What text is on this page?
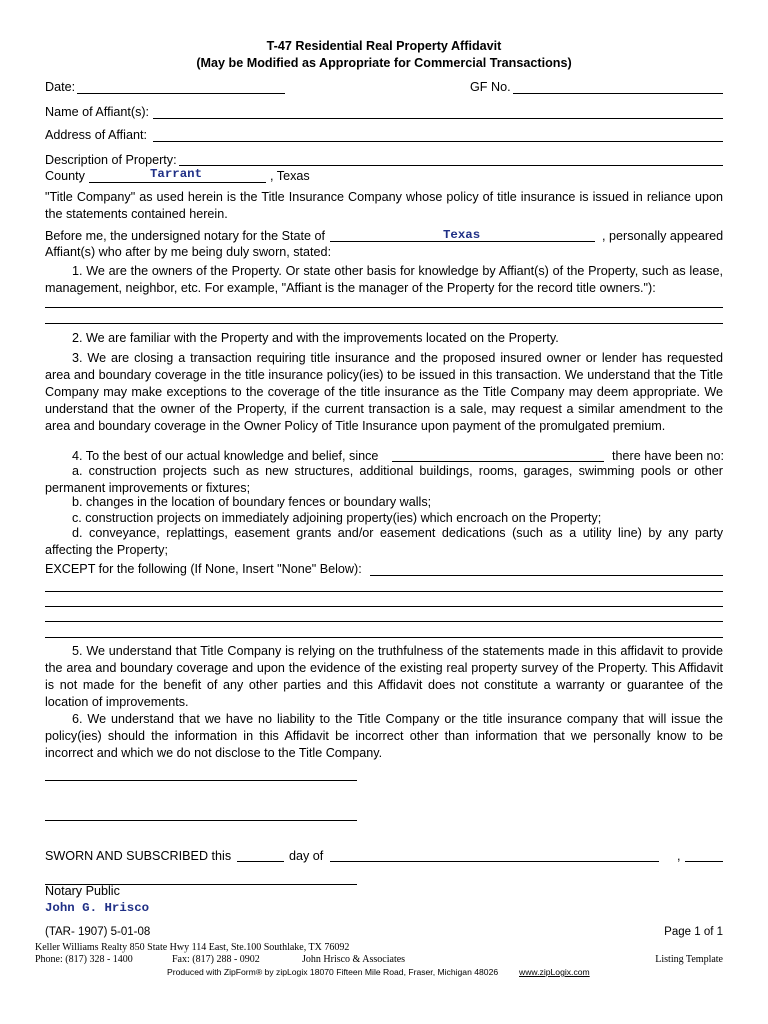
T-47 Residential Real Property Affidavit
(May be Modified as Appropriate for Commercial Transactions)
Date:	GF No.
Name of Affiant(s):
Address of Affiant:
Description of Property:
County	Tarrant	, Texas
"Title Company" as used herein is the Title Insurance Company whose policy of title insurance is issued in reliance upon the statements contained herein.
Before me, the undersigned notary for the State of	Texas	, personally appeared
Affiant(s) who after by me being duly sworn, stated:
1. We are the owners of the Property. Or state other basis for knowledge by Affiant(s) of the Property, such as lease, management, neighbor, etc. For example, "Affiant is the manager of the Property for the record title owners."):
2. We are familiar with the Property and with the improvements located on the Property.
3. We are closing a transaction requiring title insurance and the proposed insured owner or lender has requested area and boundary coverage in the title insurance policy(ies) to be issued in this transaction. We understand that the Title Company may make exceptions to the coverage of the title insurance as the Title Company may deem appropriate. We understand that the owner of the Property, if the current transaction is a sale, may request a similar amendment to the area and boundary coverage in the Owner Policy of Title Insurance upon payment of the promulgated premium.
4. To the best of our actual knowledge and belief, since	there have been no:
a. construction projects such as new structures, additional buildings, rooms, garages, swimming pools or other permanent improvements or fixtures;
b. changes in the location of boundary fences or boundary walls;
c. construction projects on immediately adjoining property(ies) which encroach on the Property;
d. conveyance, replattings, easement grants and/or easement dedications (such as a utility line) by any party affecting the Property;
EXCEPT for the following (If None, Insert "None" Below):
5. We understand that Title Company is relying on the truthfulness of the statements made in this affidavit to provide the area and boundary coverage and upon the evidence of the existing real property survey of the Property. This Affidavit is not made for the benefit of any other parties and this Affidavit does not constitute a warranty or guarantee of the location of improvements.
6. We understand that we have no liability to the Title Company or the title insurance company that will issue the policy(ies) should the information in this Affidavit be incorrect other than information that we personally know to be incorrect and which we do not disclose to the Title Company.
SWORN AND SUBSCRIBED this	day of	,
Notary Public
John G. Hrisco
(TAR- 1907) 5-01-08	Page 1 of 1
Keller Williams Realty 850 State Hwy 114 East, Ste.100 Southlake, TX 76092
Phone: (817) 328 - 1400	Fax: (817) 288 - 0902	John Hrisco & Associates	Listing Template
Produced with ZipForm® by zipLogix 18070 Fifteen Mile Road, Fraser, Michigan 48026 www.zipLogix.com
